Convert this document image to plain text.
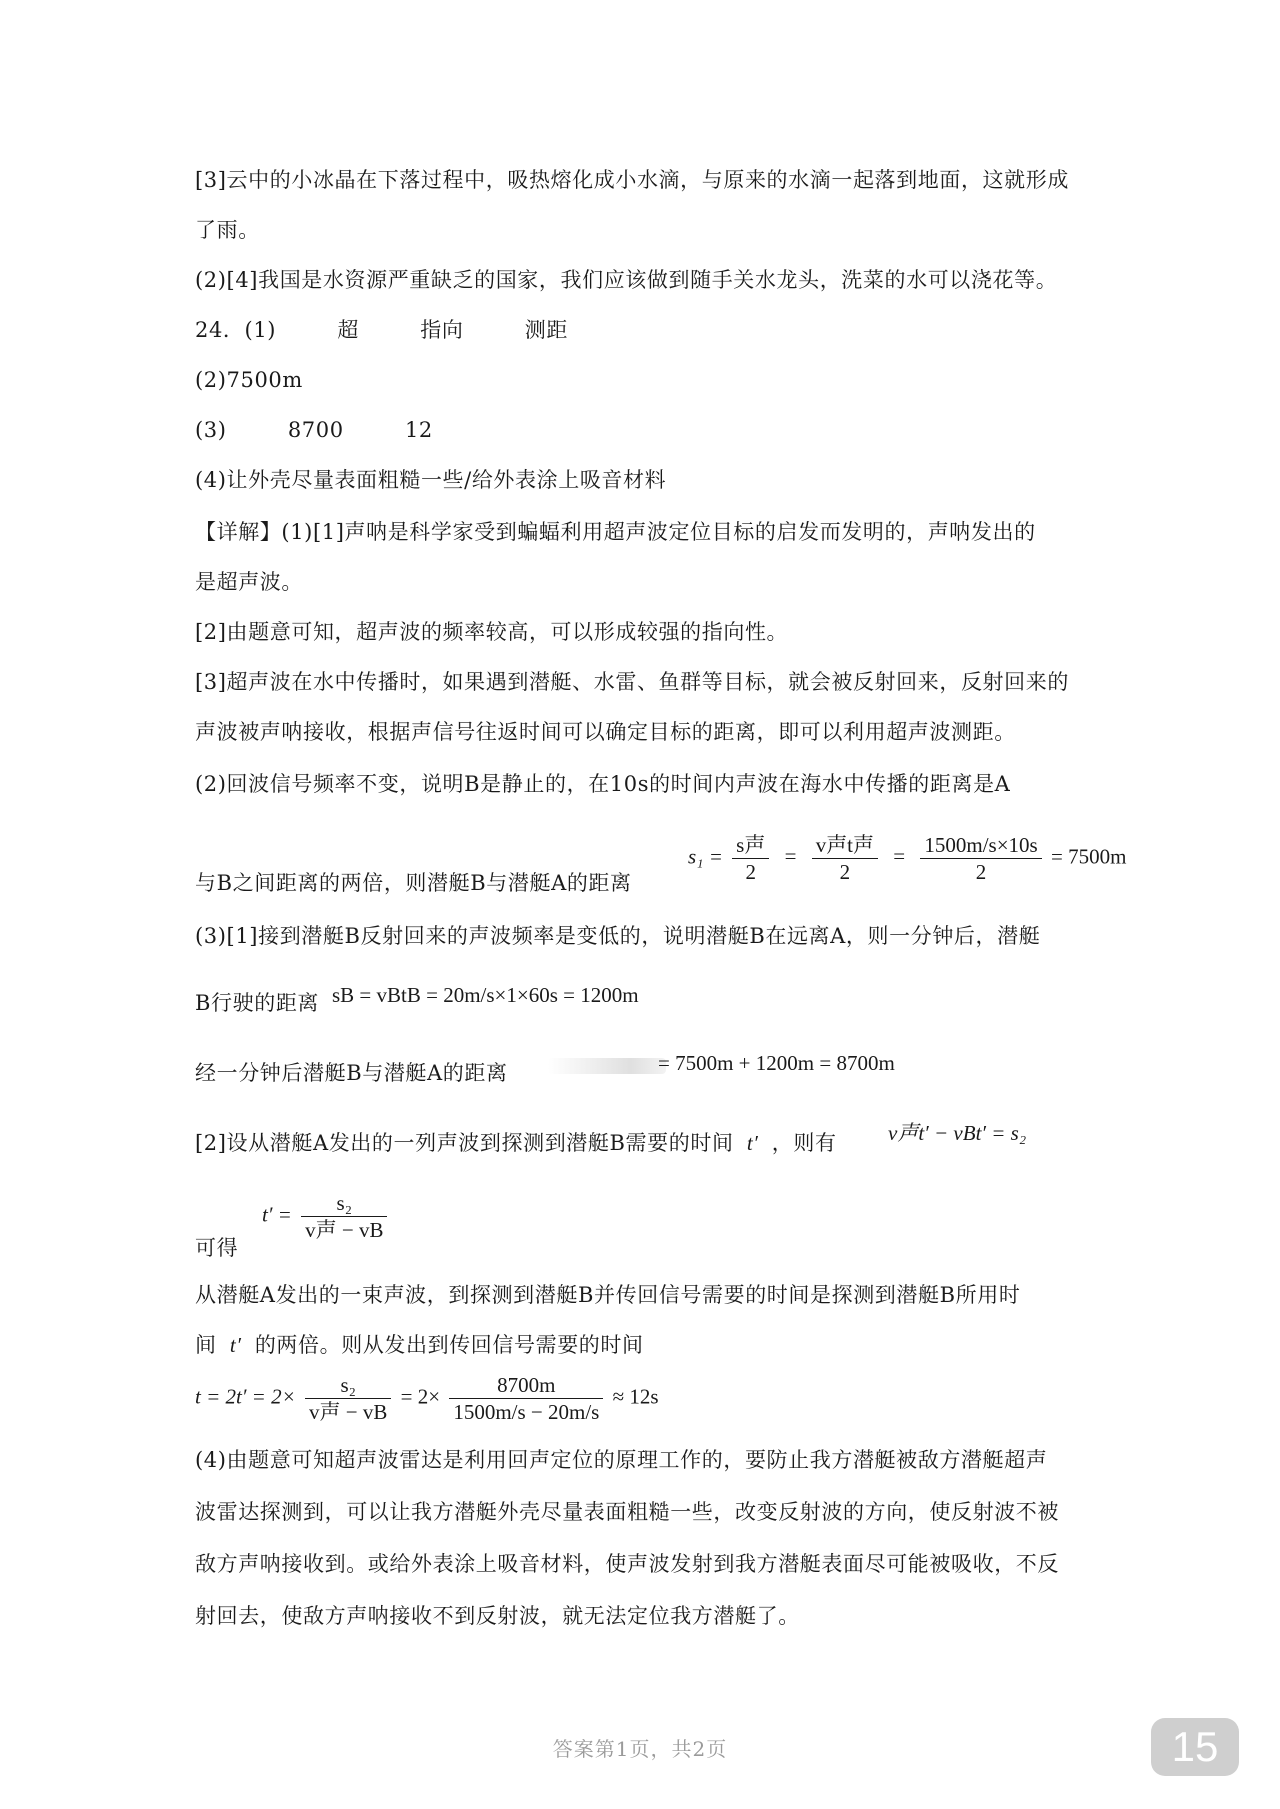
[3]云中的小冰晶在下落过程中，吸热熔化成小水滴，与原来的水滴一起落到地面，这就形成
了雨。
(2)[4]我国是水资源严重缺乏的国家，我们应该做到随手关水龙头，洗菜的水可以浇花等。
24．(1)	超	指向	测距
(2)7500m
(3)	8700	12
(4)让外壳尽量表面粗糙一些/给外表涂上吸音材料
【详解】(1)[1]声呐是科学家受到蝙蝠利用超声波定位目标的启发而发明的，声呐发出的
是超声波。
[2]由题意可知，超声波的频率较高，可以形成较强的指向性。
[3]超声波在水中传播时，如果遇到潜艇、水雷、鱼群等目标，就会被反射回来，反射回来的
声波被声呐接收，根据声信号往返时间可以确定目标的距离，即可以利用超声波测距。
(2)回波信号频率不变，说明B是静止的，在10s的时间内声波在海水中传播的距离是A
与B之间距离的两倍，则潜艇B与潜艇A的距离
$s_1 = \frac{\text{s声}}{2} = \frac{\text{v声t声}}{2} = \frac{1500m/s\times 10s}{2} = 7500m$
(3)[1]接到潜艇B反射回来的声波频率是变低的，说明潜艇B在远离A，则一分钟后，潜艇
B行驶的距离 sB = vBtB = 20m/s×1×60s = 1200m
经一分钟后潜艇B与潜艇A的距离	= 7500m + 1200m = 8700m
[2]设从潜艇A发出的一列声波到探测到潜艇B需要的时间 t′ ，则有 v声t′ − vBt′ = s₂
可得
$t' = \frac{\text{s₂}}{\text{v声 − vB}}$
从潜艇A发出的一束声波，到探测到潜艇B并传回信号需要的时间是探测到潜艇B所用时
间 t′ 的两倍。则从发出到传回信号需要的时间
$t = 2t' = 2\times \frac{\text{s₂}}{\text{v声 − vB}} = 2\times \frac{8700m}{1500m/s - 20m/s} \approx 12s$
(4)由题意可知超声波雷达是利用回声定位的原理工作的，要防止我方潜艇被敌方潜艇超声
波雷达探测到，可以让我方潜艇外壳尽量表面粗糙一些，改变反射波的方向，使反射波不被
敌方声呐接收到。或给外表涂上吸音材料，使声波发射到我方潜艇表面尽可能被吸收，不反
射回去，使敌方声呐接收不到反射波，就无法定位我方潜艇了。
答案第1页，共2页	15
